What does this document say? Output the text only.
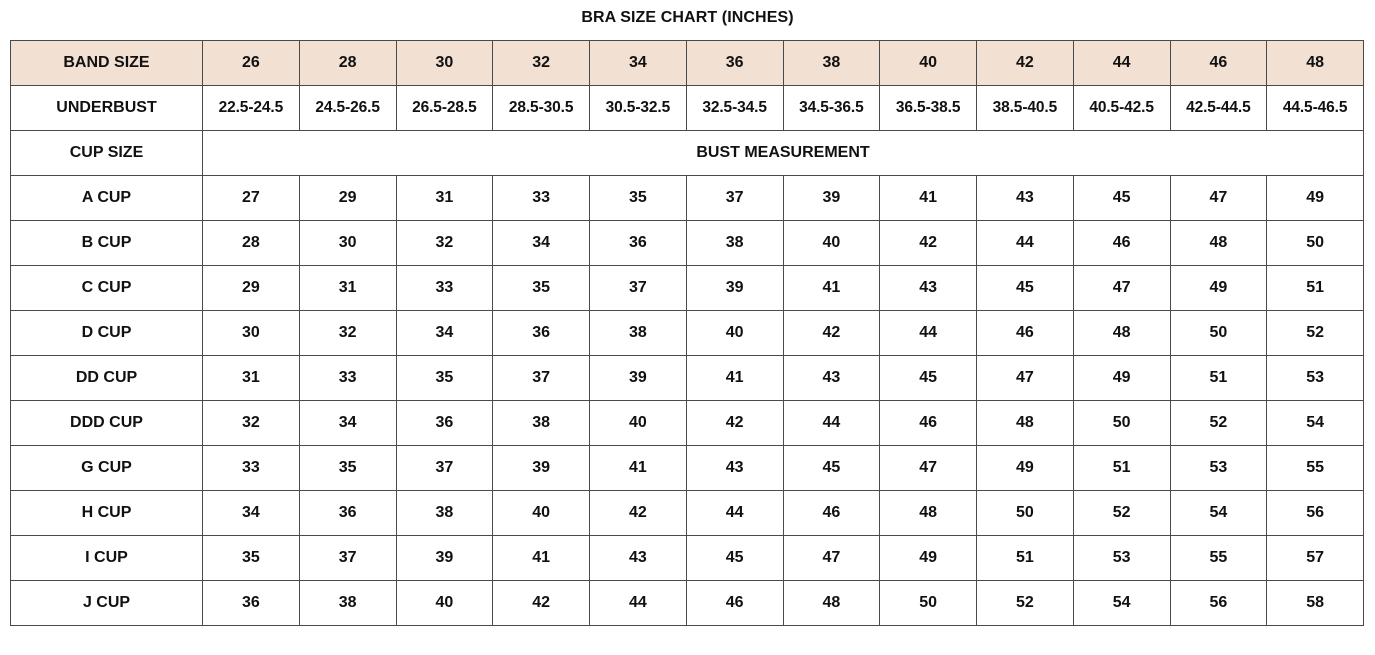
BRA SIZE CHART (INCHES)
BAND SIZE	26	28	30	32	34	36	38	40	42	44	46	48
UNDERBUST	22.5-24.5	24.5-26.5	26.5-28.5	28.5-30.5	30.5-32.5	32.5-34.5	34.5-36.5	36.5-38.5	38.5-40.5	40.5-42.5	42.5-44.5	44.5-46.5
CUP SIZE	BUST MEASUREMENT											
A CUP	27	29	31	33	35	37	39	41	43	45	47	49
B CUP	28	30	32	34	36	38	40	42	44	46	48	50
C CUP	29	31	33	35	37	39	41	43	45	47	49	51
D CUP	30	32	34	36	38	40	42	44	46	48	50	52
DD CUP	31	33	35	37	39	41	43	45	47	49	51	53
DDD CUP	32	34	36	38	40	42	44	46	48	50	52	54
G CUP	33	35	37	39	41	43	45	47	49	51	53	55
H CUP	34	36	38	40	42	44	46	48	50	52	54	56
I CUP	35	37	39	41	43	45	47	49	51	53	55	57
J CUP	36	38	40	42	44	46	48	50	52	54	56	58
